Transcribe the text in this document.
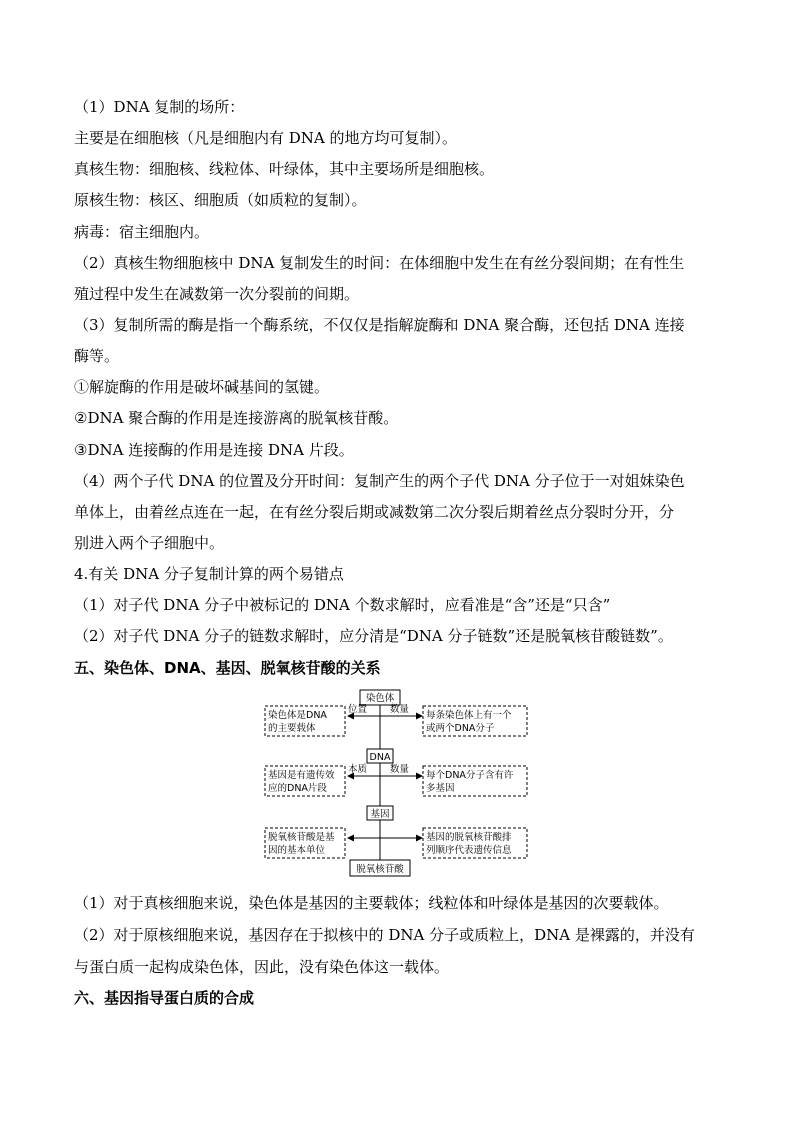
（1）DNA 复制的场所：
主要是在细胞核（凡是细胞内有 DNA 的地方均可复制）。
真核生物：细胞核、线粒体、叶绿体，其中主要场所是细胞核。
原核生物：核区、细胞质（如质粒的复制）。
病毒：宿主细胞内。
（2）真核生物细胞核中 DNA 复制发生的时间：在体细胞中发生在有丝分裂间期；在有性生
殖过程中发生在减数第一次分裂前的间期。
（3）复制所需的酶是指一个酶系统，不仅仅是指解旋酶和 DNA 聚合酶，还包括 DNA 连接
酶等。
①解旋酶的作用是破坏碱基间的氢键。
②DNA 聚合酶的作用是连接游离的脱氧核苷酸。
③DNA 连接酶的作用是连接 DNA 片段。
（4）两个子代 DNA 的位置及分开时间：复制产生的两个子代 DNA 分子位于一对姐妹染色
单体上，由着丝点连在一起，在有丝分裂后期或减数第二次分裂后期着丝点分裂时分开，分
别进入两个子细胞中。
4.有关 DNA 分子复制计算的两个易错点
（1）对子代 DNA 分子中被标记的 DNA 个数求解时，应看准是“含”还是“只含”
（2）对子代 DNA 分子的链数求解时，应分清是“DNA 分子链数”还是脱氧核苷酸链数”。
五、染色体、DNA、基因、脱氧核苷酸的关系
染色体
DNA
基因
脱氧核苷酸
位置
本质
数量
数量
染色体是DNA
的主要载体
基因是有遗传效
应的DNA片段
脱氧核苷酸是基
因的基本单位
每条染色体上有一个
或两个DNA分子
每个DNA分子含有许
多基因
基因的脱氧核苷酸排
列顺序代表遗传信息
（1）对于真核细胞来说，染色体是基因的主要载体；线粒体和叶绿体是基因的次要载体。
（2）对于原核细胞来说，基因存在于拟核中的 DNA 分子或质粒上，DNA 是裸露的，并没有
与蛋白质一起构成染色体，因此，没有染色体这一载体。
六、基因指导蛋白质的合成
